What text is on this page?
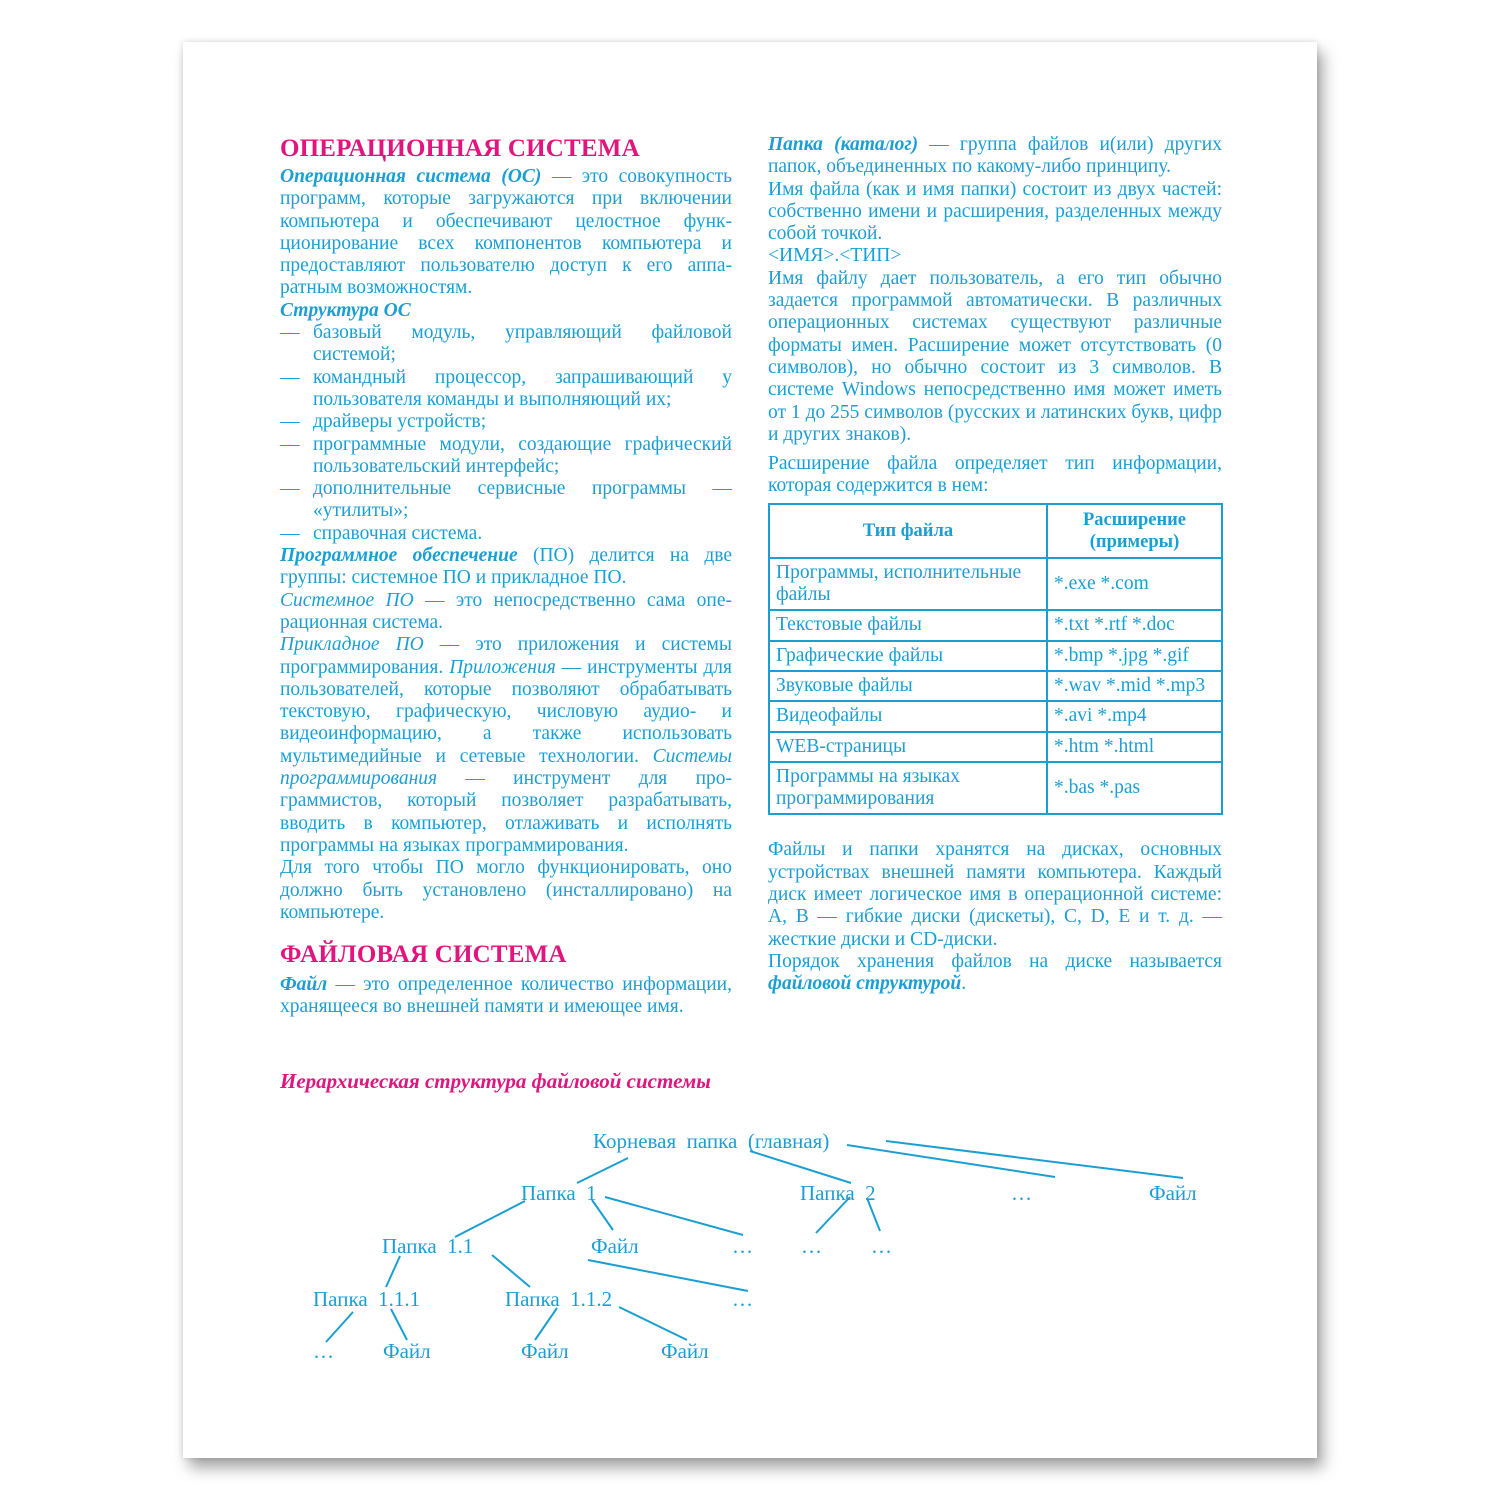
ОПЕРАЦИОННАЯ СИСТЕМА

Операционная система (ОС) — это совокупность программ, которые загружаются при включении компьютера и обеспечивают целостное функционирование всех компонентов компьютера и предоставляют пользователю доступ к его аппаратным возможностям.

Структура ОС
— базовый модуль, управляющий файловой системой;
— командный процессор, запрашивающий у пользователя команды и выполняющий их;
— драйверы устройств;
— программные модули, создающие графический пользовательский интерфейс;
— дополнительные сервисные программы — «утилиты»;
— справочная система.

Программное обеспечение (ПО) делится на две группы: системное ПО и прикладное ПО.

Системное ПО — это непосредственно сама операционная система.

Прикладное ПО — это приложения и системы программирования. Приложения — инструменты для пользователей, которые позволяют обрабатывать текстовую, графическую, числовую аудио- и видеоинформацию, а также использовать мультимедийные и сетевые технологии. Системы программирования — инструмент для программистов, который позволяет разрабатывать, вводить в компьютер, отлаживать и исполнять программы на языках программирования.

Для того чтобы ПО могло функционировать, оно должно быть установлено (инсталлировано) на компьютере.

ФАЙЛОВАЯ СИСТЕМА

Файл — это определенное количество информации, хранящееся во внешней памяти и имеющее имя.

Папка (каталог) — группа файлов и(или) других папок, объединенных по какому-либо принципу.

Имя файла (как и имя папки) состоит из двух частей: собственно имени и расширения, разделенных между собой точкой.

<ИМЯ>.<ТИП>

Имя файлу дает пользователь, а его тип обычно задается программой автоматически. В различных операционных системах существуют различные форматы имен. Расширение может отсутствовать (0 символов), но обычно состоит из 3 символов. В системе Windows непосредственно имя может иметь от 1 до 255 символов (русских и латинских букв, цифр и других знаков).

Расширение файла определяет тип информации, которая содержится в нем:

Тип файла	Расширение (примеры)
Программы, исполнительные файлы	*.exe *.com
Текстовые файлы	*.txt *.rtf *.doc
Графические файлы	*.bmp *.jpg *.gif
Звуковые файлы	*.wav *.mid *.mp3
Видеофайлы	*.avi *.mp4
WEB-страницы	*.htm *.html
Программы на языках программирования	*.bas *.pas

Файлы и папки хранятся на дисках, основных устройствах внешней памяти компьютера. Каждый диск имеет логическое имя в операционной системе: A, B — гибкие диски (дискеты), C, D, E и т. д. — жесткие диски и CD-диски.

Порядок хранения файлов на диске называется файловой структурой.

Иерархическая структура файловой системы
Корневая  папка  (главная)
Папка  1	Папка  2	…	Файл
Папка  1.1	Файл	… … …
Папка  1.1.1	Папка  1.1.2	…
… Файл	Файл	Файл
